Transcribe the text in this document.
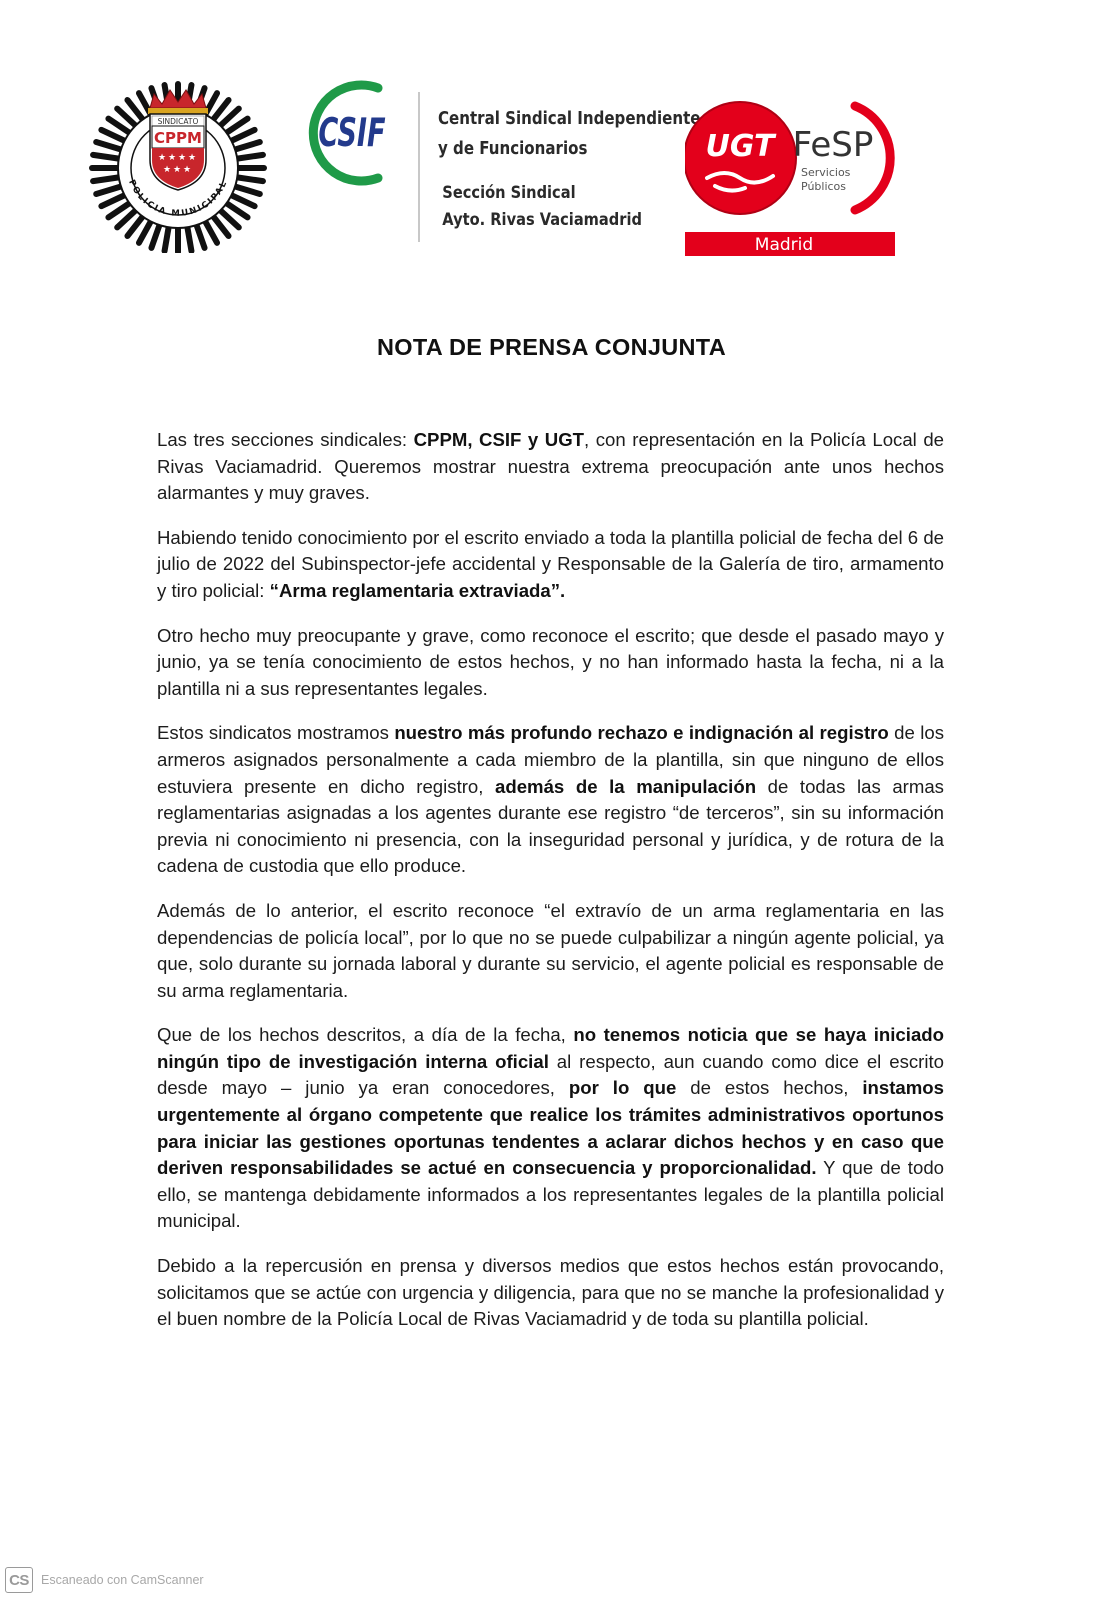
SINDICATO
CPPM
★ ★ ★ ★
★ ★ ★
POLICIA MUNICIPAL
CSIF	Central Sindical Independiente
y de Funcionarios
Sección Sindical
Ayto. Rivas Vaciamadrid
UGT FeSP
Servicios
Públicos
Madrid
NOTA DE PRENSA CONJUNTA

Las tres secciones sindicales: CPPM, CSIF y UGT, con representación en la Policía Local de Rivas Vaciamadrid. Queremos mostrar nuestra extrema preocupación ante unos hechos alarmantes y muy graves.

Habiendo tenido conocimiento por el escrito enviado a toda la plantilla policial de fecha del 6 de julio de 2022 del Subinspector-jefe accidental y Responsable de la Galería de tiro, armamento y tiro policial: “Arma reglamentaria extraviada”.

Otro hecho muy preocupante y grave, como reconoce el escrito; que desde el pasado mayo y junio, ya se tenía conocimiento de estos hechos, y no han informado hasta la fecha, ni a la plantilla ni a sus representantes legales.

Estos sindicatos mostramos nuestro más profundo rechazo e indignación al registro de los armeros asignados personalmente a cada miembro de la plantilla, sin que ninguno de ellos estuviera presente en dicho registro, además de la manipulación de todas las armas reglamentarias asignadas a los agentes durante ese registro “de terceros”, sin su información previa ni conocimiento ni presencia, con la inseguridad personal y jurídica, y de rotura de la cadena de custodia que ello produce.

Además de lo anterior, el escrito reconoce “el extravío de un arma reglamentaria en las dependencias de policía local”, por lo que no se puede culpabilizar a ningún agente policial, ya que, solo durante su jornada laboral y durante su servicio, el agente policial es responsable de su arma reglamentaria.

Que de los hechos descritos, a día de la fecha, no tenemos noticia que se haya iniciado ningún tipo de investigación interna oficial al respecto, aun cuando como dice el escrito desde mayo – junio ya eran conocedores, por lo que de estos hechos, instamos urgentemente al órgano competente que realice los trámites administrativos oportunos para iniciar las gestiones oportunas tendentes a aclarar dichos hechos y en caso que deriven responsabilidades se actué en consecuencia y proporcionalidad. Y que de todo ello, se mantenga debidamente informados a los representantes legales de la plantilla policial municipal.

Debido a la repercusión en prensa y diversos medios que estos hechos están provocando, solicitamos que se actúe con urgencia y diligencia, para que no se manche la profesionalidad y el buen nombre de la Policía Local de Rivas Vaciamadrid y de toda su plantilla policial.

CS Escaneado con CamScanner
